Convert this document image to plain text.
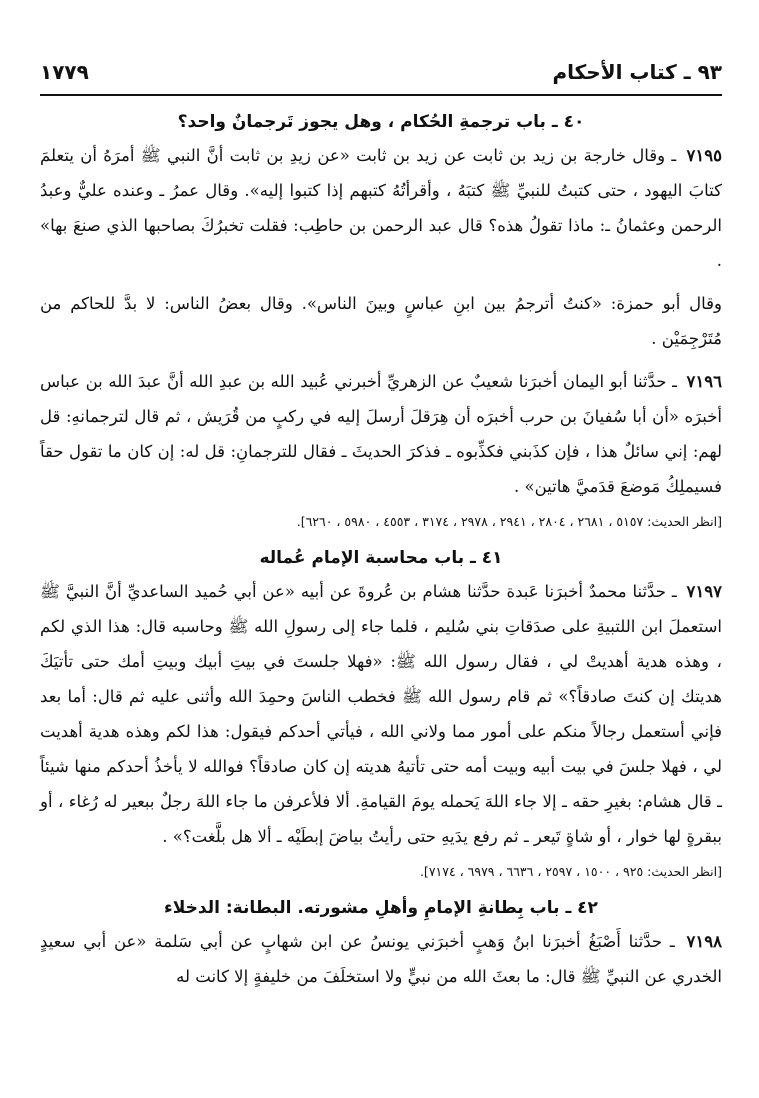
٩٣ ـ كتاب الأحكام
١٧٧٩
٤٠ ـ باب ترجمةِ الحُكام ، وهل يجوز تَرجمانٌ واحد؟

٧١٩٥ ـ وقال خارجة بن زيد بن ثابت عن زيد بن ثابت «عن زيدِ بن ثابت أنَّ النبي ﷺ أمرَهُ أن يتعلمَ كتابَ اليهود ، حتى كتبتُ للنبيِّ ﷺ كتبَهُ ، وأقرأتُهُ كتبهم إذا كتبوا إليه». وقال عمرُ ـ وعنده عليٌّ وعبدُ الرحمن وعثمانُ ـ: ماذا تقولُ هذه؟ قال عبد الرحمن بن حاطِب: فقلت تخبرُكَ بصاحبها الذي صنعَ بها» .

وقال أبو حمزة: «كنتُ أترجمُ بين ابنِ عباسٍ وبينَ الناس». وقال بعضُ الناس: لا بدَّ للحاكم من مُتَرْجِمَيْن .

٧١٩٦ ـ حدَّثنا أبو اليمان أخبرَنا شعيبٌ عن الزهريِّ أخبرني عُبيد الله بن عبدِ الله أنَّ عبدَ الله بن عباس أخبرَه «أن أبا سُفيانَ بن حرب أخبرَه أن هِرَقلَ أرسلَ إليه في ركبٍ من قُرَيش ، ثم قال لترجمانهِ: قل لهم: إني سائلٌ هذا ، فإن كذَبني فكذِّبوه ـ فذكرَ الحديثَ ـ فقال للترجمانِ: قل له: إن كان ما تقول حقاً فسيملِكُ مَوضعَ قدَميَّ هاتين» .

[انظر الحديث: ٥١٥٧ ، ٢٦٨١ ، ٢٨٠٤ ، ٢٩٤١ ، ٢٩٧٨ ، ٣١٧٤ ، ٤٥٥٣ ، ٥٩٨٠ ، ٦٢٦٠].
٤١ ـ باب محاسبة الإمام عُماله

٧١٩٧ ـ حدَّثنا محمدٌ أخبرَنا عَبدة حدَّثنا هشام بن عُروةَ عن أبيه «عن أبي حُميد الساعديِّ أنَّ النبيَّ ﷺ استعملَ ابن اللتبيةِ على صدَقاتِ بني سُليم ، فلما جاء إلى رسولِ الله ﷺ وحاسبه قال: هذا الذي لكم ، وهذه هدية أهديتْ لي ، فقال رسول الله ﷺ: «فهلا جلستَ في بيتِ أبيك وبيتِ أمك حتى تأتيَكَ هديتك إن كنتَ صادقاً؟» ثم قام رسول الله ﷺ فخطب الناسَ وحمِدَ الله وأثنى عليه ثم قال: أما بعد فإني أستعمل رجالاً منكم على أمور مما ولاني الله ، فيأتي أحدكم فيقول: هذا لكم وهذه هدية أهديت لي ، فهلا جلسَ في بيت أبيه وبيت أمه حتى تأتيهُ هديته إن كان صادقاً؟ فوالله لا يأخذُ أحدكم منها شيئاً ـ قال هشام: بغيرِ حقه ـ إلا جاء اللهَ يَحمله يومَ القيامةِ. ألا فلأعرفن ما جاء اللهَ رجلٌ ببعير له رُغاء ، أو ببقرةٍ لها خوار ، أو شاةٍ تَيعر ـ ثم رفع يدَيهِ حتى رأيتُ بياضَ إبطَيْه ـ ألا هل بلَّغت؟» .

[انظر الحديث: ٩٢٥ ، ١٥٠٠ ، ٢٥٩٧ ، ٦٦٣٦ ، ٦٩٧٩ ، ٧١٧٤].
٤٢ ـ باب بِطانةِ الإمامِ وأهلِ مشورته. البطانة: الدخلاء

٧١٩٨ ـ حدَّثنا أَصْبَغُ أخبرَنا ابنُ وَهبٍ أخبرَني يونسُ عن ابن شهابٍ عن أبي سَلمة «عن أبي سعيدٍ الخدري عن النبيِّ ﷺ قال: ما بعثَ الله من نبيٍّ ولا استخلَفَ من خليفةٍ إلا كانت له
